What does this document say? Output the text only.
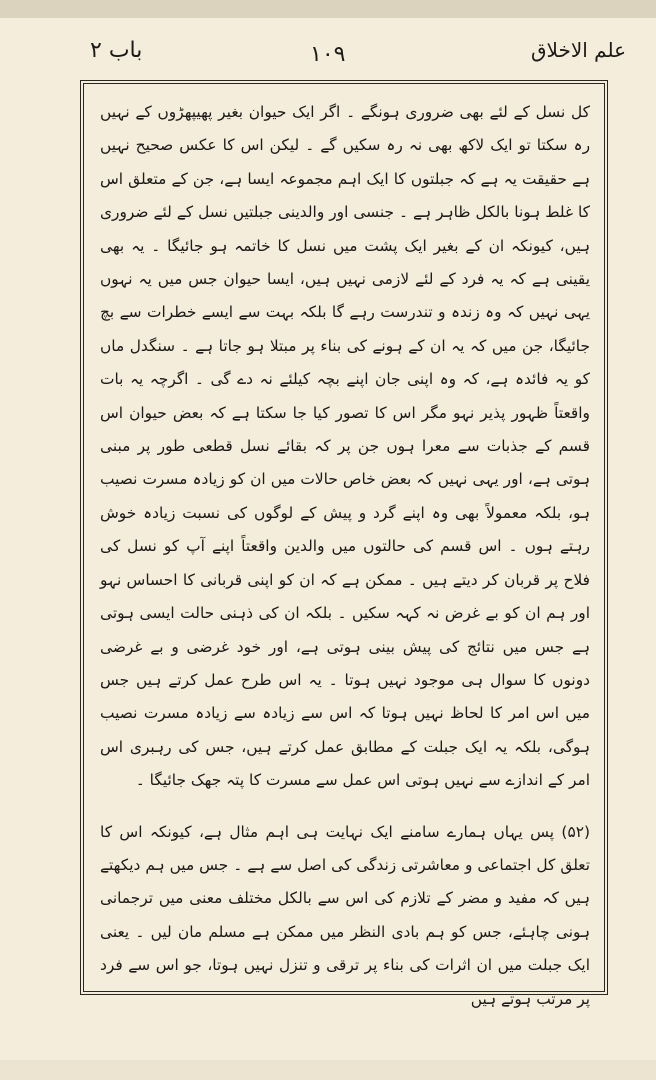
باب ۲	۱۰۹	علم الاخلاق

کل نسل کے لئے بھی ضروری ہونگے ۔ اگر ایک حیوان بغیر پھیپھڑوں کے نہیں رہ سکتا تو ایک لاکھ بھی نہ رہ سکیں گے ۔ لیکن اس کا عکس صحیح نہیں ہے حقیقت یہ ہے کہ جبلتوں کا ایک اہم مجموعہ ایسا ہے، جن کے متعلق اس کا غلط ہونا بالکل ظاہر ہے ۔ جنسی اور والدینی جبلتیں نسل کے لئے ضروری ہیں، کیونکہ ان کے بغیر ایک پشت میں نسل کا خاتمہ ہو جائیگا ۔ یہ بھی یقینی ہے کہ یہ فرد کے لئے لازمی نہیں ہیں، ایسا حیوان جس میں یہ نہوں یہی نہیں کہ وہ زندہ و تندرست رہے گا بلکہ بہت سے ایسے خطرات سے بچ جائیگا، جن میں کہ یہ ان کے ہونے کی بناء پر مبتلا ہو جاتا ہے ۔ سنگدل ماں کو یہ فائدہ ہے، کہ وہ اپنی جان اپنے بچہ کیلئے نہ دے گی ۔ اگرچہ یہ بات واقعتاً ظہور پذیر نہو مگر اس کا تصور کیا جا سکتا ہے کہ بعض حیوان اس قسم کے جذبات سے معرا ہوں جن پر کہ بقائے نسل قطعی طور پر مبنی ہوتی ہے، اور یہی نہیں کہ بعض خاص حالات میں ان کو زیادہ مسرت نصیب ہو، بلکہ معمولاً بھی وہ اپنے گرد و پیش کے لوگوں کی نسبت زیادہ خوش رہتے ہوں ۔ اس قسم کی حالتوں میں والدین واقعتاً اپنے آپ کو نسل کی فلاح پر قربان کر دیتے ہیں ۔ ممکن ہے کہ ان کو اپنی قربانی کا احساس نہو اور ہم ان کو بے غرض نہ کہہ سکیں ۔ بلکہ ان کی ذہنی حالت ایسی ہوتی ہے جس میں نتائج کی پیش بینی ہوتی ہے، اور خود غرضی و بے غرضی دونوں کا سوال ہی موجود نہیں ہوتا ۔ یہ اس طرح عمل کرتے ہیں جس میں اس امر کا لحاظ نہیں ہوتا کہ اس سے زیادہ سے زیادہ مسرت نصیب ہوگی، بلکہ یہ ایک جبلت کے مطابق عمل کرتے ہیں، جس کی رہبری اس امر کے اندازے سے نہیں ہوتی اس عمل سے مسرت کا پتہ جھک جائیگا ۔

(۵۲) پس یہاں ہمارے سامنے ایک نہایت ہی اہم مثال ہے، کیونکہ اس کا تعلق کل اجتماعی و معاشرتی زندگی کی اصل سے ہے ۔ جس میں ہم دیکھتے ہیں کہ مفید و مضر کے تلازم کی اس سے بالکل مختلف معنی میں ترجمانی ہونی چاہئے، جس کو ہم بادی النظر میں ممکن ہے مسلم مان لیں ۔ یعنی ایک جبلت میں ان اثرات کی بناء پر ترقی و تنزل نہیں ہوتا، جو اس سے فرد پر مرتب ہوتے ہیں
